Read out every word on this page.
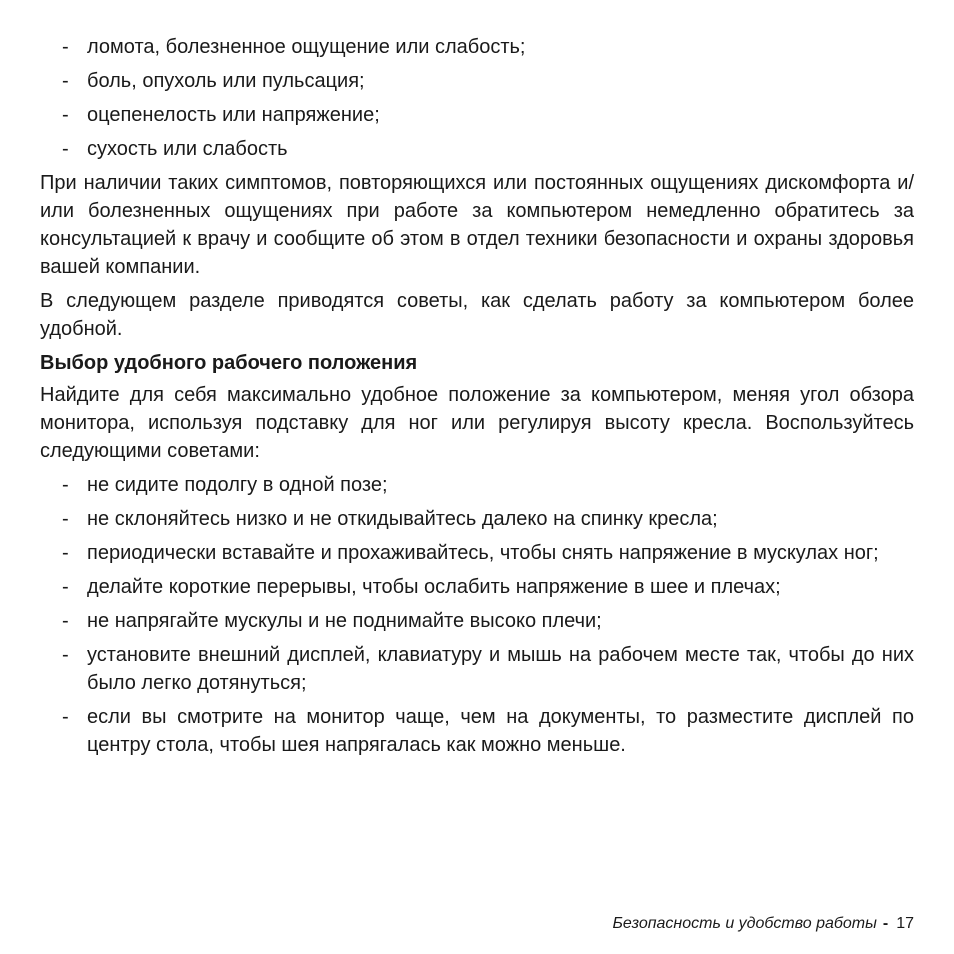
- ломота, болезненное ощущение или слабость;
- боль, опухоль или пульсация;
- оцепенелость или напряжение;
- сухость или слабость

При наличии таких симптомов, повторяющихся или постоянных ощущениях дискомфорта и/или болезненных ощущениях при работе за компьютером немедленно обратитесь за консультацией к врачу и сообщите об этом в отдел техники безопасности и охраны здоровья вашей компании.

В следующем разделе приводятся советы, как сделать работу за компьютером более удобной.

Выбор удобного рабочего положения

Найдите для себя максимально удобное положение за компьютером, меняя угол обзора монитора, используя подставку для ног или регулируя высоту кресла. Воспользуйтесь следующими советами:

- не сидите подолгу в одной позе;
- не склоняйтесь низко и не откидывайтесь далеко на спинку кресла;
- периодически вставайте и прохаживайтесь, чтобы снять напряжение в мускулах ног;
- делайте короткие перерывы, чтобы ослабить напряжение в шее и плечах;
- не напрягайте мускулы и не поднимайте высоко плечи;
- установите внешний дисплей, клавиатуру и мышь на рабочем месте так, чтобы до них было легко дотянуться;
- если вы смотрите на монитор чаще, чем на документы, то разместите дисплей по центру стола, чтобы шея напрягалась как можно меньше.
Безопасность и удобство работы - 17
